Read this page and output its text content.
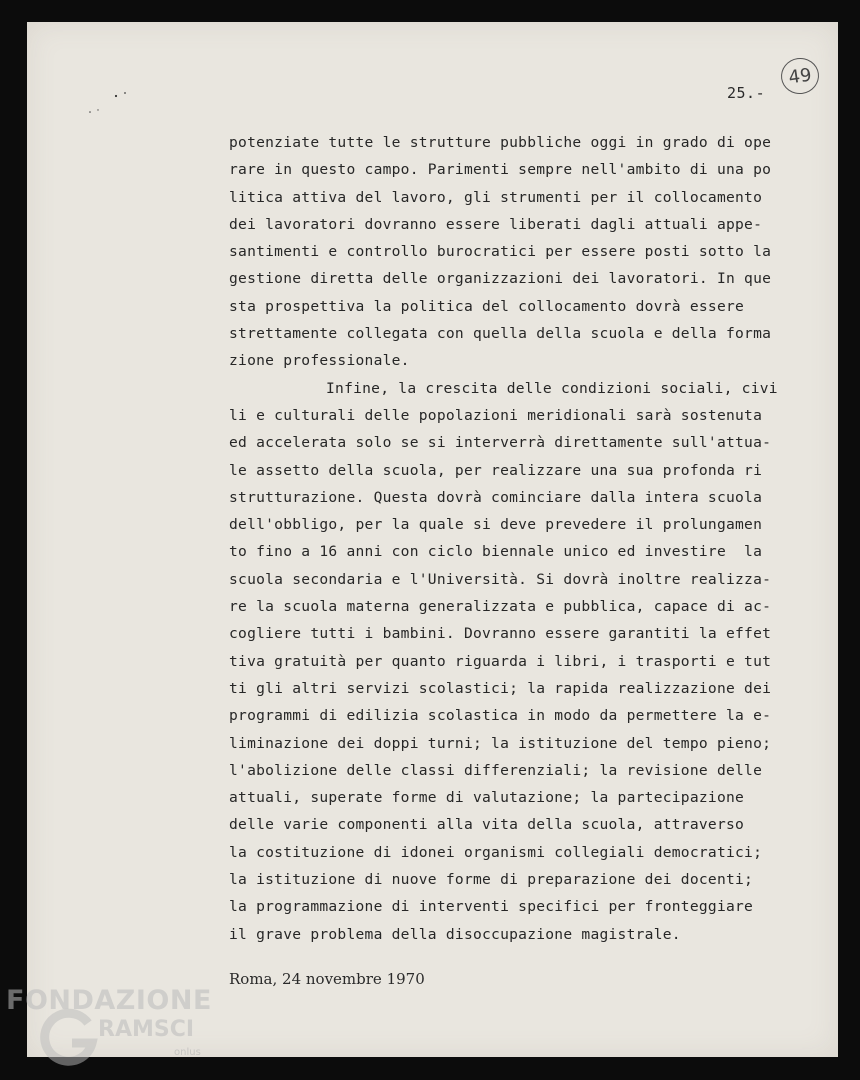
25.-
49
potenziate tutte le strutture pubbliche oggi in grado di ope
rare in questo campo. Parimenti sempre nell'ambito di una po
litica attiva del lavoro, gli strumenti per il collocamento
dei lavoratori dovranno essere liberati dagli attuali appe-
santimenti e controllo burocratici per essere posti sotto la
gestione diretta delle organizzazioni dei lavoratori. In que
sta prospettiva la politica del collocamento dovrà essere
strettamente collegata con quella della scuola e della forma
zione professionale.
Infine, la crescita delle condizioni sociali, civi
li e culturali delle popolazioni meridionali sarà sostenuta
ed accelerata solo se si interverrà direttamente sull'attua-
le assetto della scuola, per realizzare una sua profonda ri
strutturazione. Questa dovrà cominciare dalla intera scuola
dell'obbligo, per la quale si deve prevedere il prolungamen
to fino a 16 anni con ciclo biennale unico ed investire  la
scuola secondaria e l'Università. Si dovrà inoltre realizza-
re la scuola materna generalizzata e pubblica, capace di ac-
cogliere tutti i bambini. Dovranno essere garantiti la effet
tiva gratuità per quanto riguarda i libri, i trasporti e tut
ti gli altri servizi scolastici; la rapida realizzazione dei
programmi di edilizia scolastica in modo da permettere la e-
liminazione dei doppi turni; la istituzione del tempo pieno;
l'abolizione delle classi differenziali; la revisione delle
attuali, superate forme di valutazione; la partecipazione
delle varie componenti alla vita della scuola, attraverso
la costituzione di idonei organismi collegiali democratici;
la istituzione di nuove forme di preparazione dei docenti;
la programmazione di interventi specifici per fronteggiare
il grave problema della disoccupazione magistrale.
Roma, 24 novembre 1970
FONDAZIONE
RAMSCI
onlus
